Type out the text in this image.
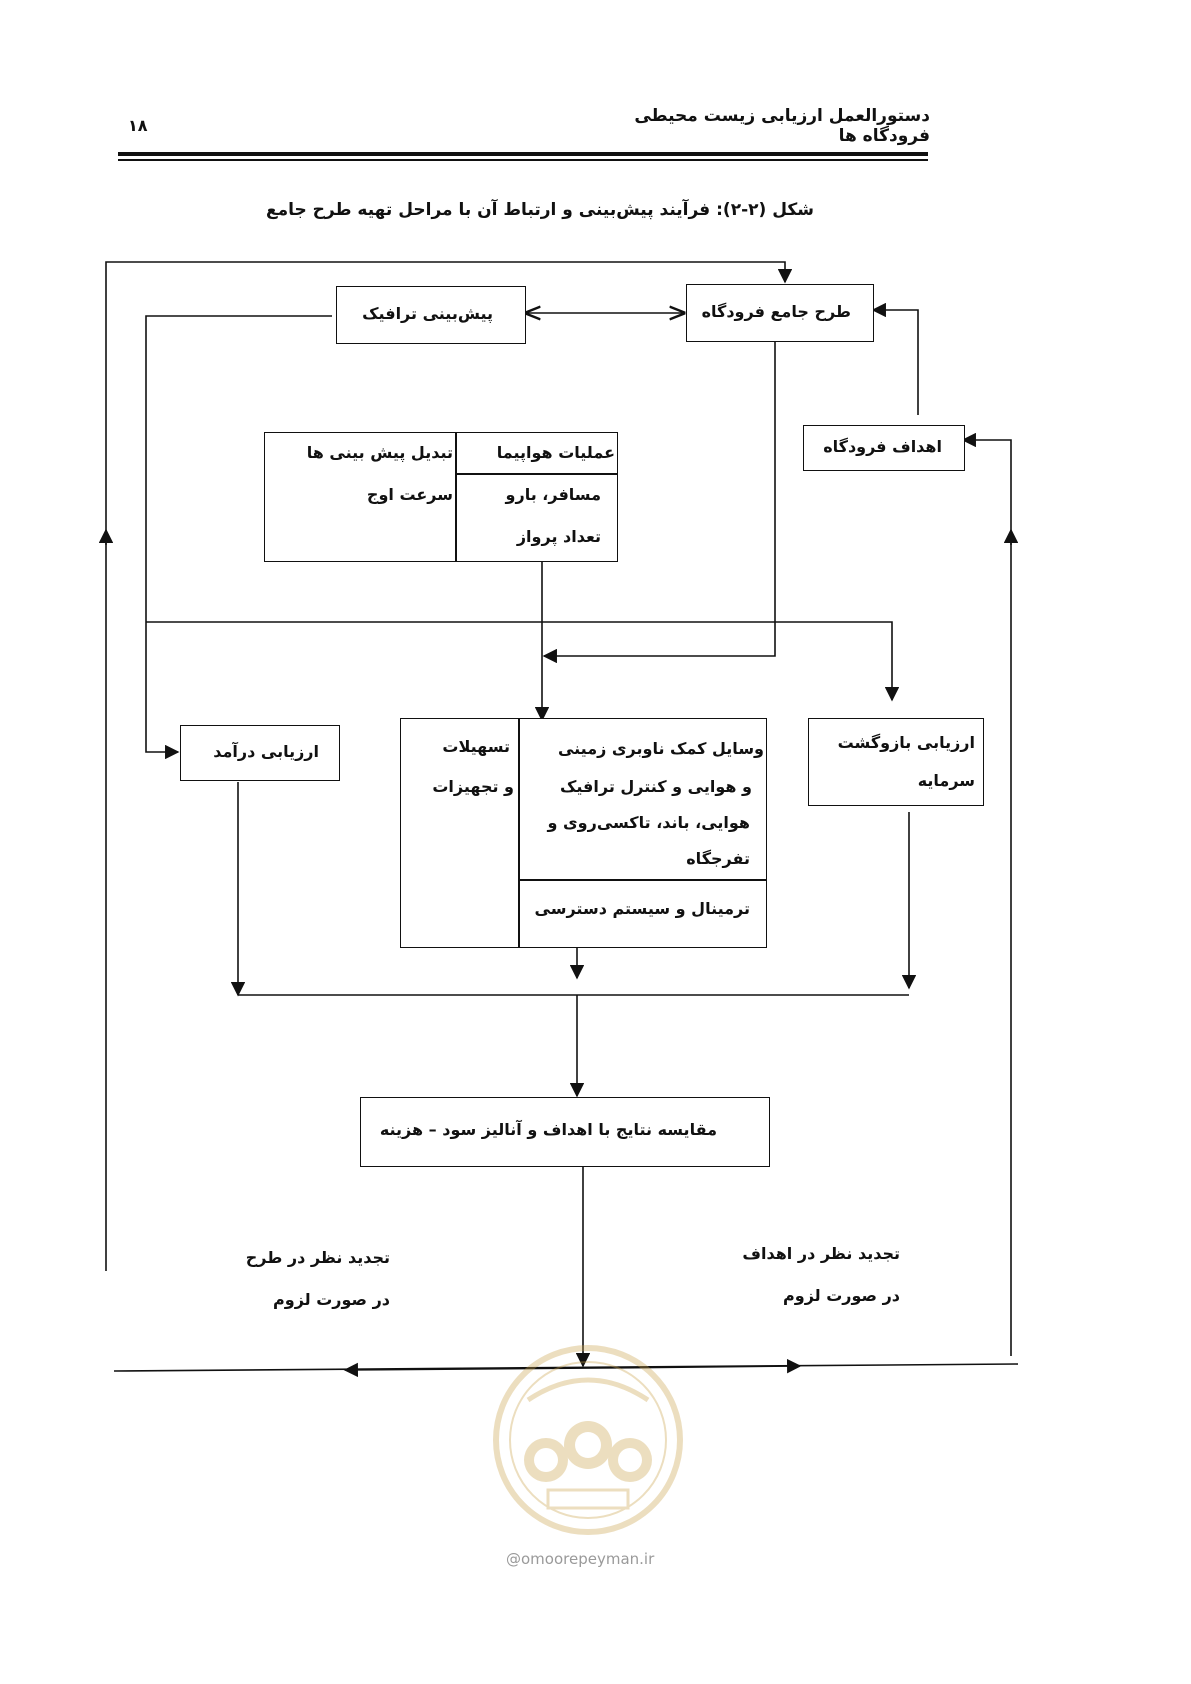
دستورالعمل ارزیابی زیست محیطی فرودگاه ها
۱۸
شکل (۲-۲): فرآیند پیش‌بینی و ارتباط آن با مراحل تهیه طرح جامع
طرح جامع فرودگاه
پیش‌بینی ترافیک
اهداف فرودگاه
عملیات هواپیما
مسافر، بارو
تعداد پرواز
تبدیل پیش بینی ها
سرعت اوج
ارزیابی درآمد	ارزیابی بازوگشت
سرمایه
تسهیلات
و تجهیزات
وسایل کمک ناوبری زمینی
و هوایی و کنترل ترافیک
هوایی، باند، تاکسی‌روی و
تفرجگاه
ترمینال و سیستم دسترسی
مقایسه نتایج با اهداف و آنالیز سود – هزینه
تجدید نظر در طرح
در صورت لزوم
تجدید نظر در اهداف
در صورت لزوم
@omoorepeyman.ir
